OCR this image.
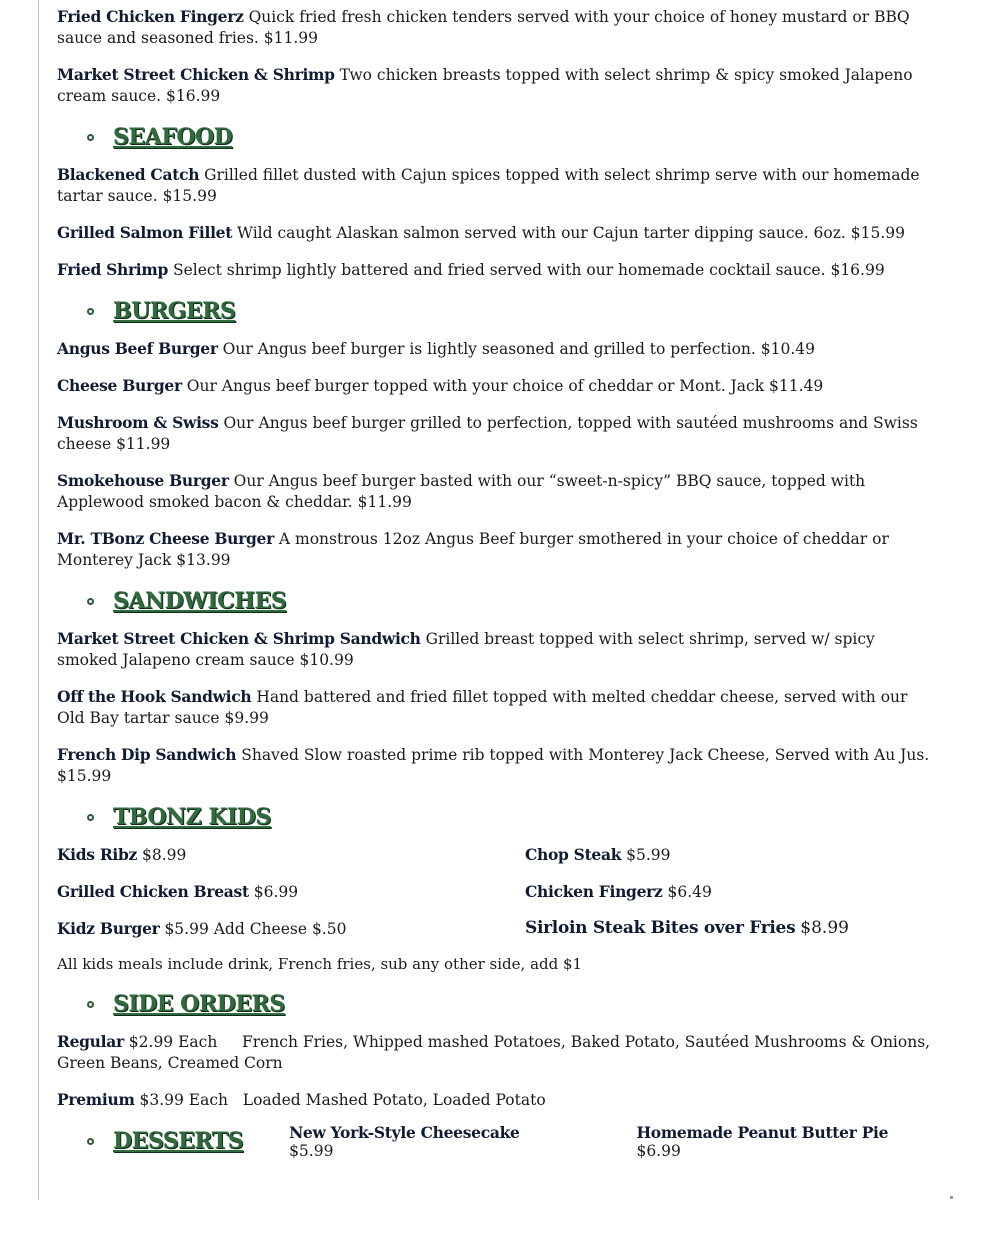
Fried Chicken Fingerz Quick fried fresh chicken tenders served with your choice of honey mustard or BBQ sauce and seasoned fries. $11.99
Market Street Chicken & Shrimp Two chicken breasts topped with select shrimp & spicy smoked Jalapeno cream sauce. $16.99
SEAFOOD
Blackened Catch Grilled fillet dusted with Cajun spices topped with select shrimp serve with our homemade tartar sauce. $15.99
Grilled Salmon Fillet Wild caught Alaskan salmon served with our Cajun tarter dipping sauce. 6oz. $15.99
Fried Shrimp Select shrimp lightly battered and fried served with our homemade cocktail sauce. $16.99
BURGERS
Angus Beef Burger Our Angus beef burger is lightly seasoned and grilled to perfection. $10.49
Cheese Burger Our Angus beef burger topped with your choice of cheddar or Mont. Jack $11.49
Mushroom & Swiss Our Angus beef burger grilled to perfection, topped with sautéed mushrooms and Swiss cheese $11.99
Smokehouse Burger Our Angus beef burger basted with our “sweet-n-spicy” BBQ sauce, topped with Applewood smoked bacon & cheddar. $11.99
Mr. TBonz Cheese Burger A monstrous 12oz Angus Beef burger smothered in your choice of cheddar or Monterey Jack $13.99
SANDWICHES
Market Street Chicken & Shrimp Sandwich Grilled breast topped with select shrimp, served w/ spicy smoked Jalapeno cream sauce $10.99
Off the Hook Sandwich Hand battered and fried fillet topped with melted cheddar cheese, served with our Old Bay tartar sauce $9.99
French Dip Sandwich Shaved Slow roasted prime rib topped with Monterey Jack Cheese, Served with Au Jus. $15.99
TBONZ KIDS
Kids Ribz $8.99	Chop Steak $5.99
Grilled Chicken Breast $6.99	Chicken Fingerz $6.49
Kidz Burger $5.99 Add Cheese $.50	Sirloin Steak Bites over Fries $8.99
All kids meals include drink, French fries, sub any other side, add $1
SIDE ORDERS
Regular $2.99 Each     French Fries, Whipped mashed Potatoes, Baked Potato, Sautéed Mushrooms & Onions, Green Beans, Creamed Corn
Premium $3.99 Each   Loaded Mashed Potato, Loaded Potato
DESSERTS	New York-Style Cheesecake $5.99
Homemade Peanut Butter Pie $6.99
